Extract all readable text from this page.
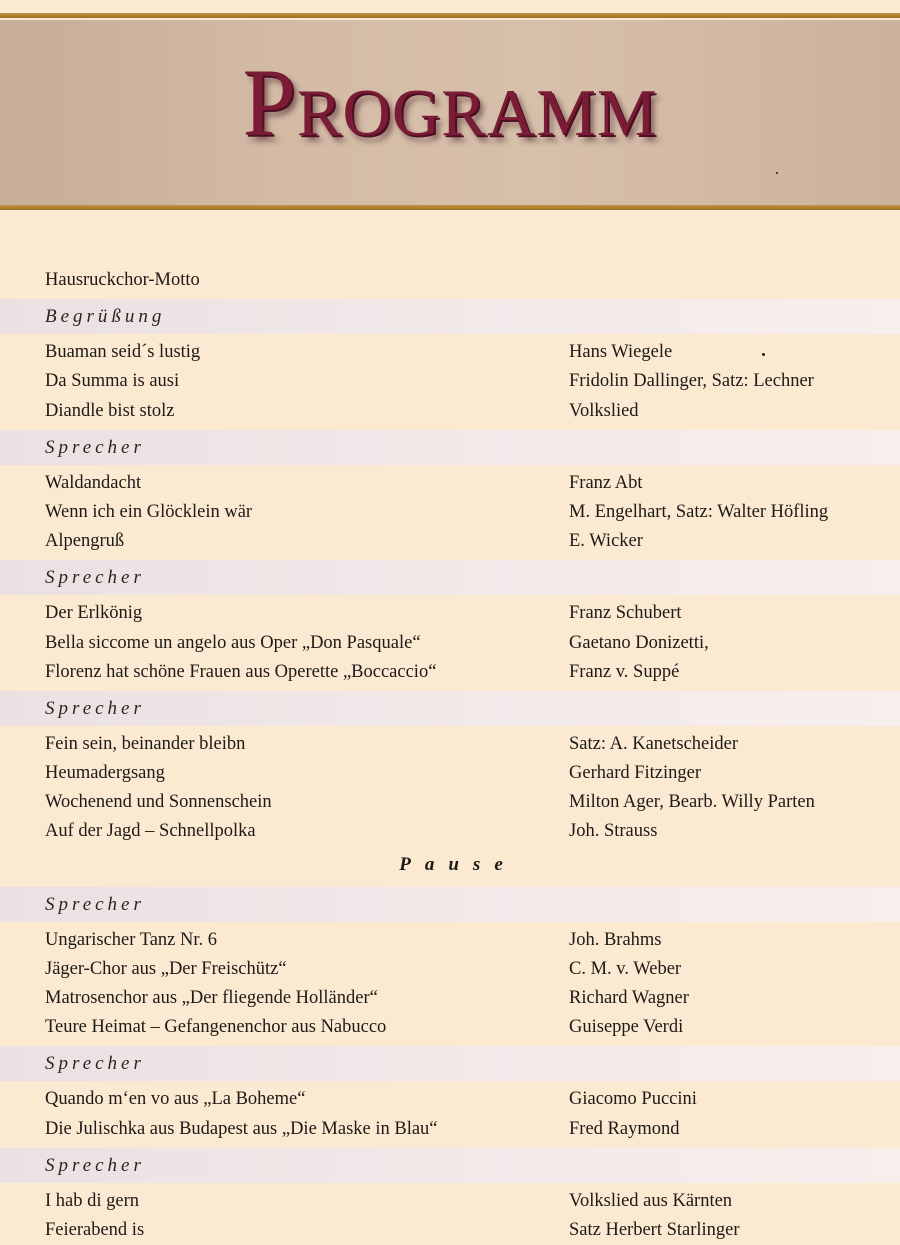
Programm
Hausruckchor-Motto
Begrüßung
Buaman seid´s lustig	Hans Wiegele
Da Summa is ausi	Fridolin Dallinger, Satz: Lechner
Diandle bist stolz	Volkslied
Sprecher
Waldandacht	Franz Abt
Wenn ich ein Glöcklein wär	M. Engelhart, Satz: Walter Höfling
Alpengruß	E. Wicker
Sprecher
Der Erlkönig	Franz Schubert
Bella siccome un angelo aus Oper „Don Pasquale“	Gaetano Donizetti,
Florenz hat schöne Frauen aus Operette „Boccaccio“	Franz v. Suppé
Sprecher
Fein sein, beinander bleibn	Satz: A. Kanetscheider
Heumadergsang	Gerhard Fitzinger
Wochenend und Sonnenschein	Milton Ager, Bearb. Willy Parten
Auf der Jagd – Schnellpolka	Joh. Strauss
Pause
Sprecher
Ungarischer Tanz Nr. 6	Joh. Brahms
Jäger-Chor aus „Der Freischütz“	C. M. v. Weber
Matrosenchor aus „Der fliegende Holländer“	Richard Wagner
Teure Heimat – Gefangenenchor aus Nabucco	Guiseppe Verdi
Sprecher
Quando m‘en vo aus „La Boheme“	Giacomo Puccini
Die Julischka aus Budapest aus „Die Maske in Blau“	Fred Raymond
Sprecher
I hab di gern	Volkslied aus Kärnten
Feierabend is	Satz Herbert Starlinger
